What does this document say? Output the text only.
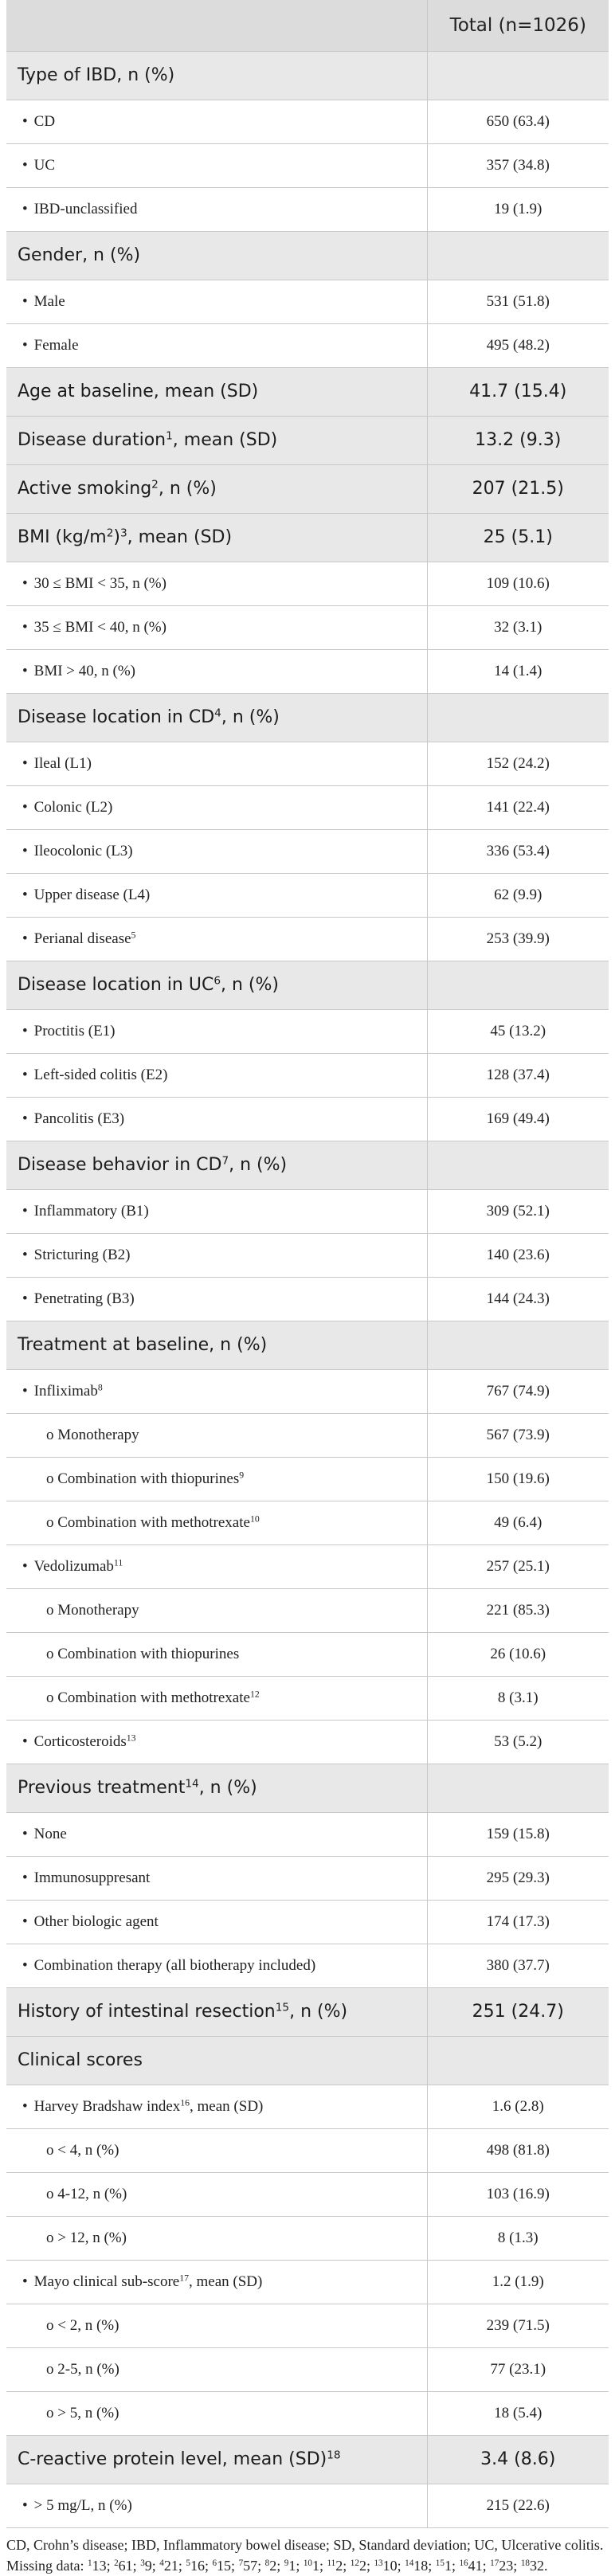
	Total (n=1026)
Type of IBD, n (%)	
• CD	650 (63.4)
• UC	357 (34.8)
• IBD-unclassified	19 (1.9)
Gender, n (%)	
• Male	531 (51.8)
• Female	495 (48.2)
Age at baseline, mean (SD)	41.7 (15.4)
Disease duration$^1$, mean (SD)	13.2 (9.3)
Active smoking$^2$, n (%)	207 (21.5)
BMI $(kg/m^2)^3$, mean (SD)	25 (5.1)
• 30 ≤ BMI < 35, n (%)	109 (10.6)
• 35 ≤ BMI < 40, n (%)	32 (3.1)
• BMI > 40, n (%)	14 (1.4)
Disease location in $CD^4$, n (%)	
• Ileal (L1)	152 (24.2)
• Colonic (L2)	141 (22.4)
• Ileocolonic (L3)	336 (53.4)
• Upper disease (L4)	62 (9.9)
• Perianal disease$^5$	253 (39.9)
Disease location in $UC^6$, n (%)	
• Proctitis (E1)	45 (13.2)
• Left-sided colitis (E2)	128 (37.4)
• Pancolitis (E3)	169 (49.4)
Disease behavior in $CD^7$, n (%)	
• Inflammatory (B1)	309 (52.1)
• Stricturing (B2)	140 (23.6)
• Penetrating (B3)	144 (24.3)
Treatment at baseline, n (%)	
• Infliximab$^8$	767 (74.9)
o Monotherapy	567 (73.9)
o Combination with thiopurines$^9$	150 (19.6)
o Combination with methotrexate$^{10}$	49 (6.4)
• Vedolizumab$^{11}$	257 (25.1)
o Monotherapy	221 (85.3)
o Combination with thiopurines	26 (10.6)
o Combination with methotrexate$^{12}$	8 (3.1)
• Corticosteroids$^{13}$	53 (5.2)
Previous treatment$^{14}$, n (%)	
• None	159 (15.8)
• Immunosuppresant	295 (29.3)
• Other biologic agent	174 (17.3)
• Combination therapy (all biotherapy included)	380 (37.7)
History of intestinal resection$^{15}$, n (%)	251 (24.7)
Clinical scores	
• Harvey Bradshaw index$^{16}$, mean (SD)	1.6 (2.8)
o < 4, n (%)	498 (81.8)
o 4-12, n (%)	103 (16.9)
o > 12, n (%)	8 (1.3)
• Mayo clinical sub-score$^{17}$, mean (SD)	1.2 (1.9)
o < 2, n (%)	239 (71.5)
o 2-5, n (%)	77 (23.1)
o > 5, n (%)	18 (5.4)
C-reactive protein level, mean (SD)$^{18}$	3.4 (8.6)
• > 5 mg/L, n (%)	215 (22.6)
CD, Crohn’s disease; IBD, Inflammatory bowel disease; SD, Standard deviation; UC, Ulcerative colitis.
Missing data: $^1$13; $^2$61; $^3$9; $^4$21; $^5$16; $^6$15; $^7$57; $^8$2; $^9$1; $^{10}$1; $^{11}$2; $^{12}$2; $^{13}$10; $^{14}$18; $^{15}$1; $^{16}$41; $^{17}$23; $^{18}$32.
